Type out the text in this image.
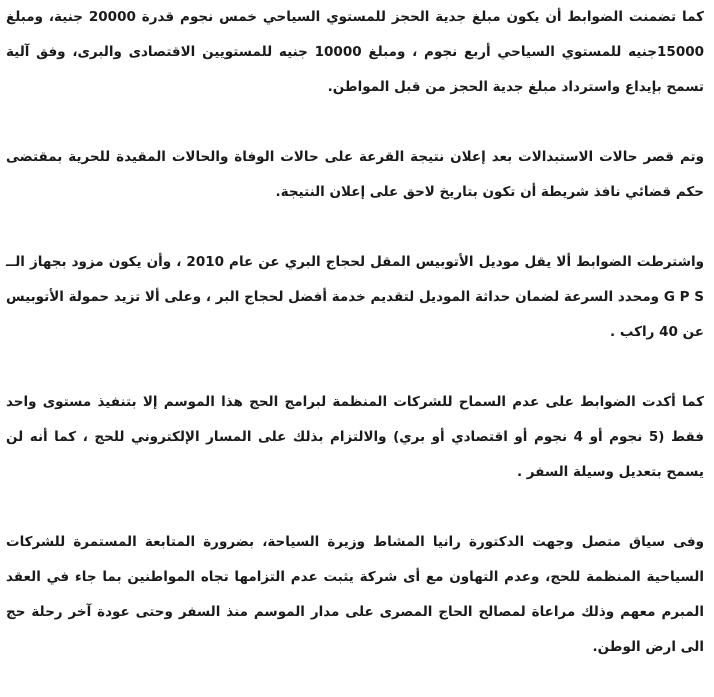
كما تضمنت الضوابط أن يكون مبلغ جدية الحجز للمستوي السياحي خمس نجوم قدرة 20000 جنية، ومبلغ 15000جنيه للمستوي السياحي أربع نجوم ، ومبلغ 10000 جنيه للمستويين الاقتصادى والبرى، وفق آلية تسمح بإيداع واسترداد مبلغ جدية الحجز من قبل المواطن.

وتم قصر حالات الاستبدالات بعد إعلان نتيجة القرعة على حالات الوفاة والحالات المقيدة للحرية بمقتضى حكم قضائي نافذ شريطة أن تكون بتاريخ لاحق على إعلان النتيجة.

واشترطت الضوابط ألا يقل موديل الأتوبيس المقل لحجاج البري عن عام 2010 ، وأن يكون مزود بجهاز الــ G P S ومحدد السرعة لضمان حداثة الموديل لتقديم خدمة أفضل لحجاج البر ، وعلى ألا تزيد حمولة الأتوبيس عن 40 راكب .

كما أكدت الضوابط على عدم السماح للشركات المنظمة لبرامج الحج هذا الموسم إلا بتنفيذ مستوى واحد فقط (5 نجوم أو 4 نجوم أو اقتصادي أو بري) والالتزام بذلك على المسار الإلكتروني للحج ، كما أنه لن يسمح بتعديل وسيلة السفر .

وفى سياق متصل وجهت الدكتورة رانيا المشاط وزيرة السياحة، بضرورة المتابعة المستمرة للشركات السياحية المنظمة للحج، وعدم التهاون مع أى شركة يثبت عدم التزامها تجاه المواطنين بما جاء في العقد المبرم معهم وذلك مراعاة لمصالح الحاج المصرى على مدار الموسم منذ السفر وحتى عودة آخر رحلة حج الى ارض الوطن.
